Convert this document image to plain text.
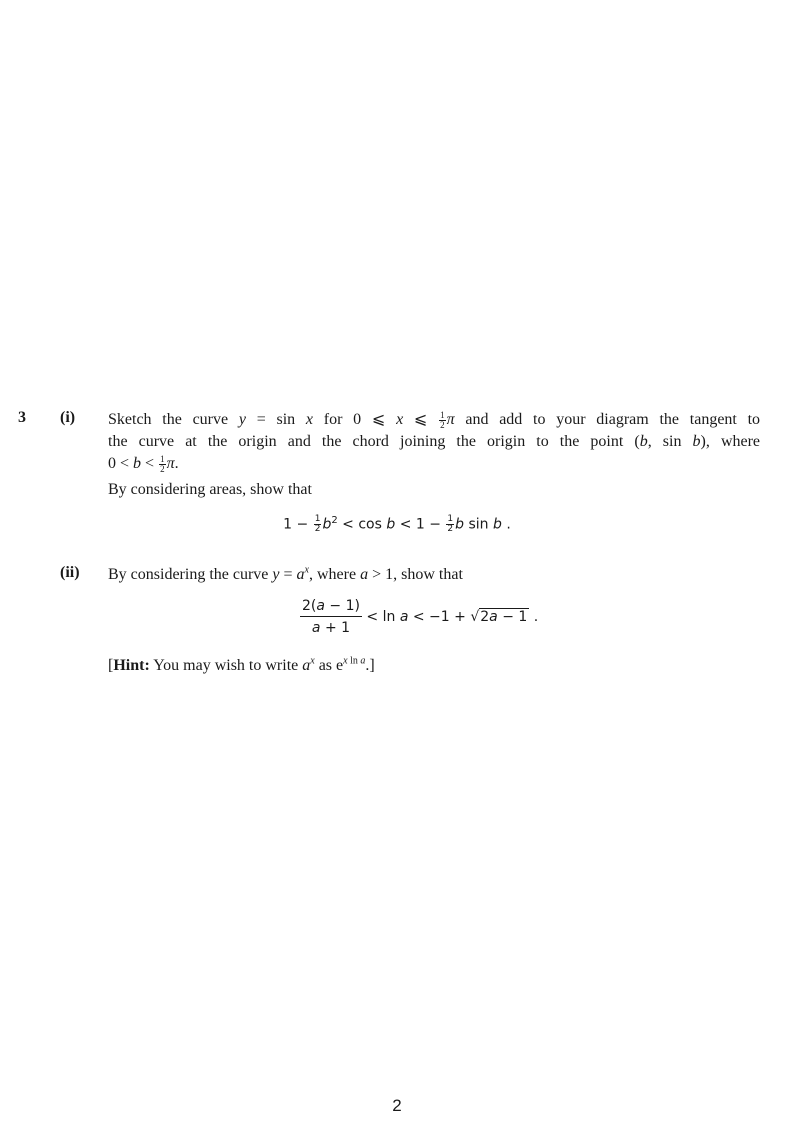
3 (i) Sketch the curve y = sin x for 0 ⩽ x ⩽ $\frac{1}{2}$ π and add to your diagram the tangent to
the curve at the origin and the chord joining the origin to the point (b, sin b), where
$0 < b < \frac{1}{2} \pi$.
By considering areas, show that
$1 - \frac{1}{2} b^2 < \cos b < 1 - \frac{1}{2}$ b sin b .
(ii) By considering the curve $y = a^x$, where a > 1, show that
$\frac{2(a - 1)}{a + 1} < \ln a < -1 + √2a - 1$ .
[Hint: You may wish to write $a^x$ as $e^{x ln a}$.]
2
